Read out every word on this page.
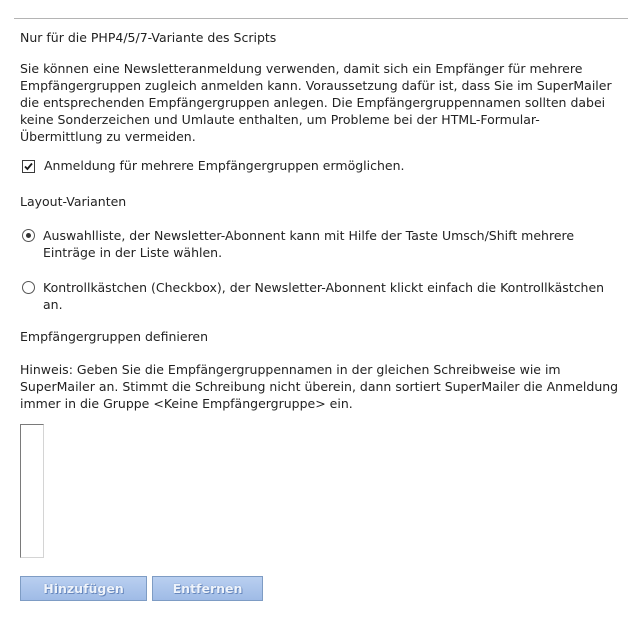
Nur für die PHP4/5/7-Variante des Scripts

Sie können eine Newsletteranmeldung verwenden, damit sich ein Empfänger für mehrere Empfängergruppen zugleich anmelden kann. Voraussetzung dafür ist, dass Sie im SuperMailer die entsprechenden Empfängergruppen anlegen. Die Empfängergruppennamen sollten dabei keine Sonderzeichen und Umlaute enthalten, um Probleme bei der HTML-Formular-Übermittlung zu vermeiden.

Anmeldung für mehrere Empfängergruppen ermöglichen.

Layout-Varianten

Auswahlliste, der Newsletter-Abonnent kann mit Hilfe der Taste Umsch/Shift mehrere Einträge in der Liste wählen.
Kontrollkästchen (Checkbox), der Newsletter-Abonnent klickt einfach die Kontrollkästchen an.

Empfängergruppen definieren

Hinweis: Geben Sie die Empfängergruppennamen in der gleichen Schreibweise wie im SuperMailer an. Stimmt die Schreibung nicht überein, dann sortiert SuperMailer die Anmeldung immer in die Gruppe <Keine Empfängergruppe> ein.

Hinzufügen	Entfernen
